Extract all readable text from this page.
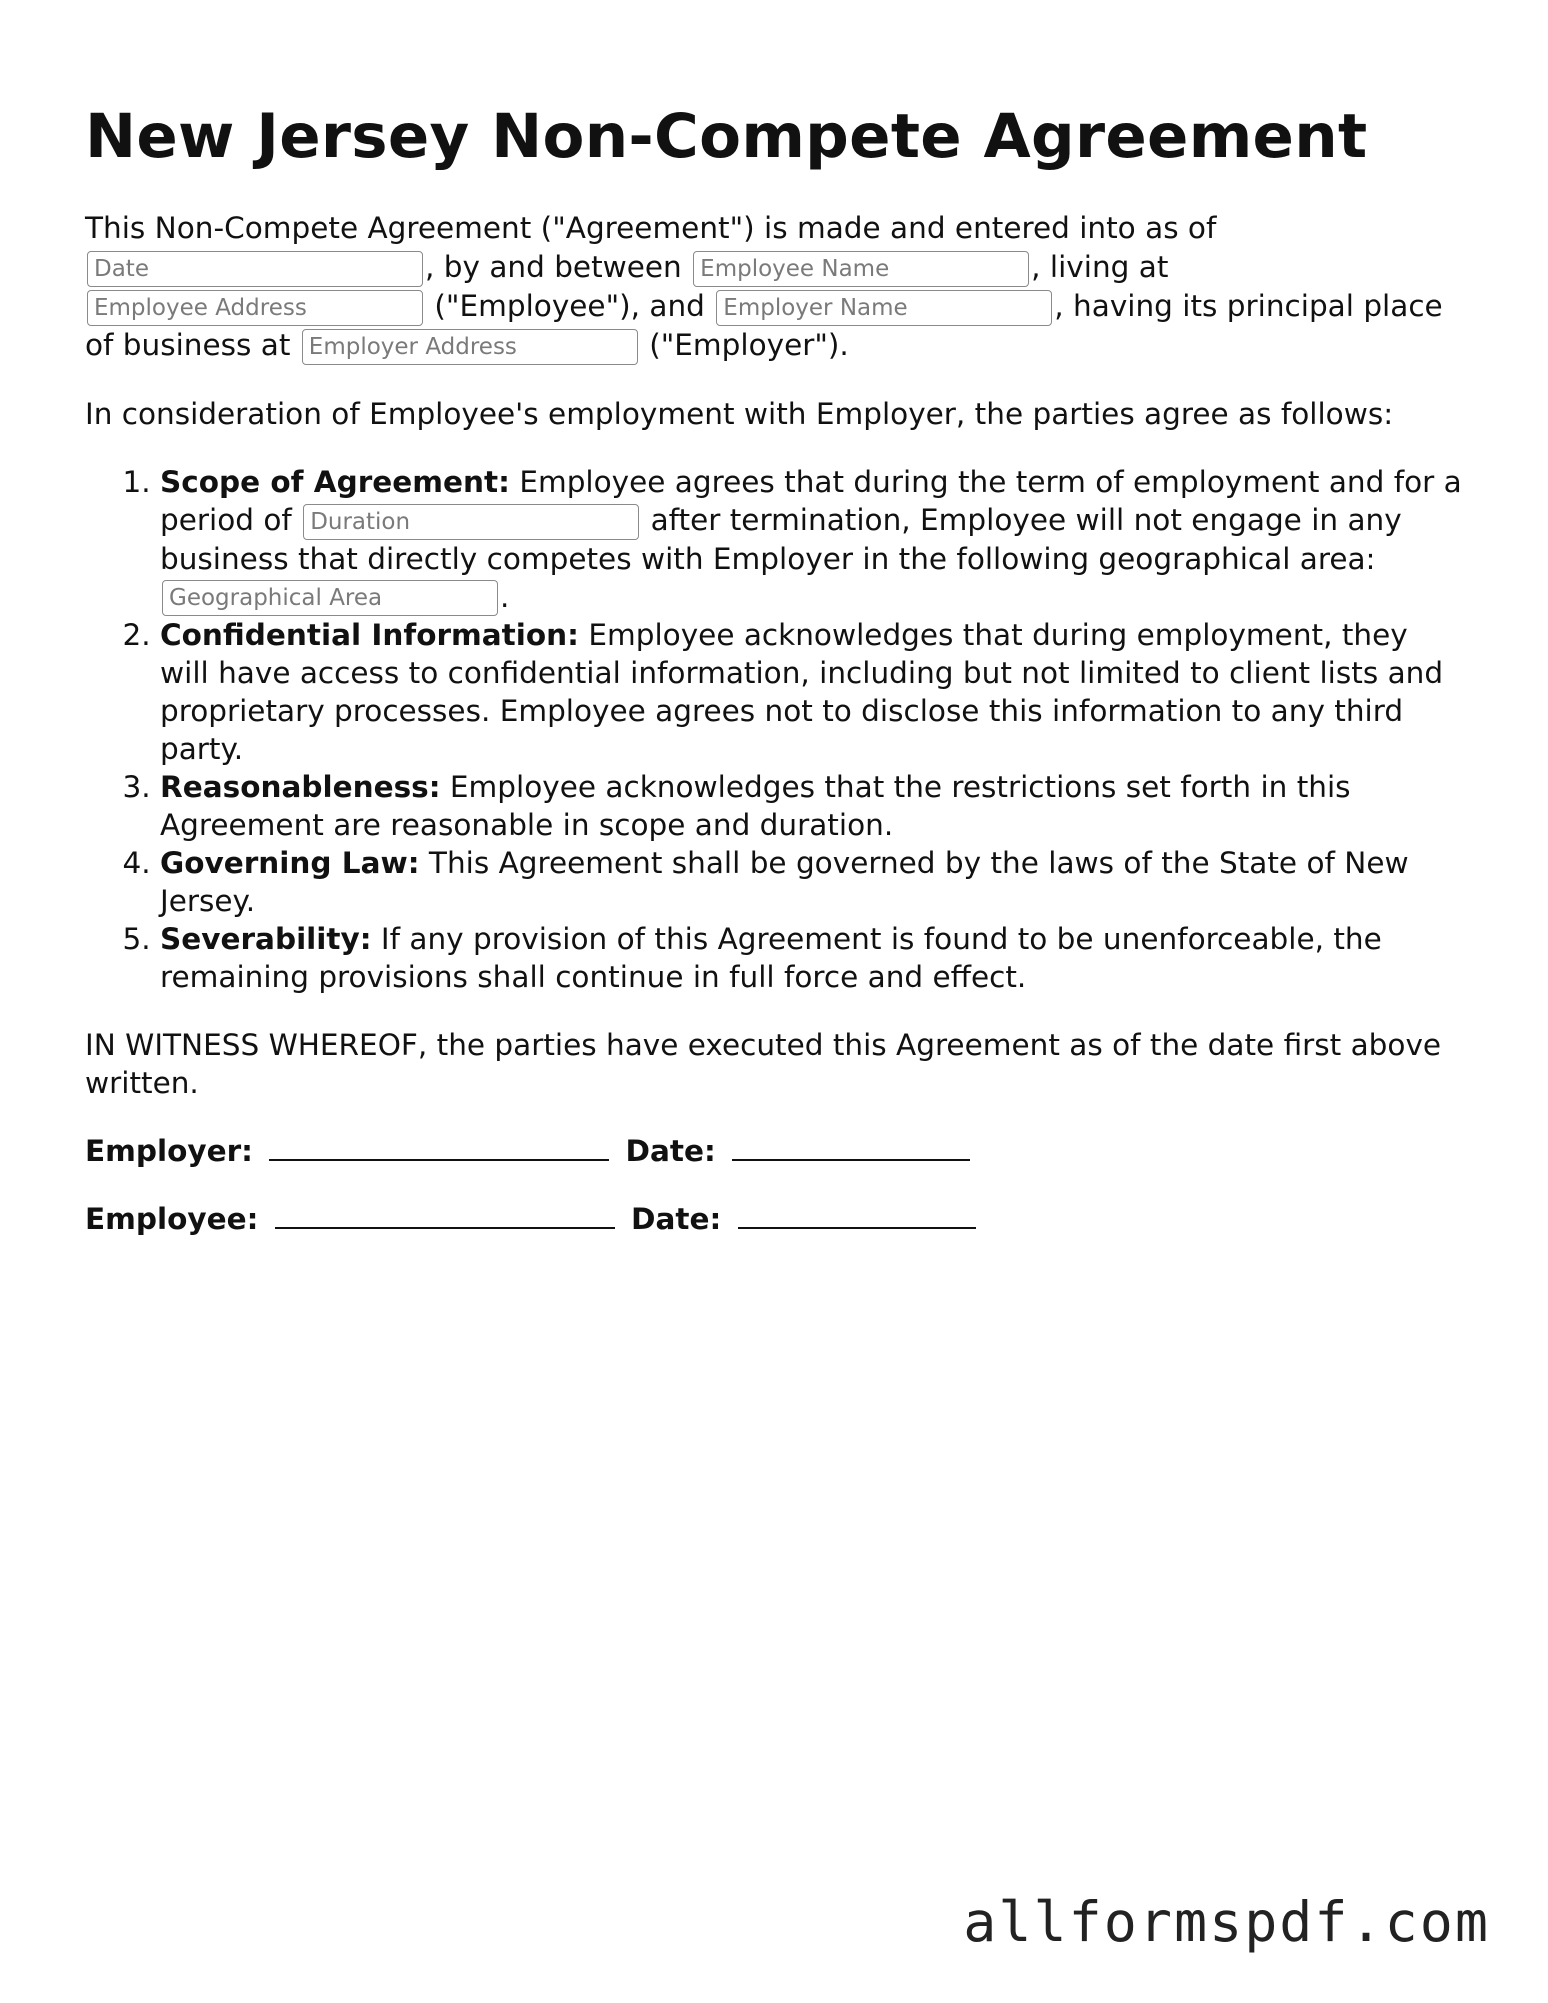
New Jersey Non-Compete Agreement

This Non-Compete Agreement ("Agreement") is made and entered into as of Date, by and between Employee Name	, living at Employee Address ("Employee"), and Employer Name	, having its principal place of business at Employer Address	("Employer").

In consideration of Employee's employment with Employer, the parties agree as follows:

1. Scope of Agreement: Employee agrees that during the term of employment and for a period of Duration	after termination, Employee will not engage in any business that directly competes with Employer in the following geographical area: Geographical Area.
2. Confidential Information: Employee acknowledges that during employment, they will have access to confidential information, including but not limited to client lists and proprietary processes. Employee agrees not to disclose this information to any third party.
3. Reasonableness: Employee acknowledges that the restrictions set forth in this Agreement are reasonable in scope and duration.
4. Governing Law: This Agreement shall be governed by the laws of the State of New Jersey.
5. Severability: If any provision of this Agreement is found to be unenforceable, the remaining provisions shall continue in full force and effect.

IN WITNESS WHEREOF, the parties have executed this Agreement as of the date first above written.

Employer:	Date:
Employee:	Date:
allformspdf.com
